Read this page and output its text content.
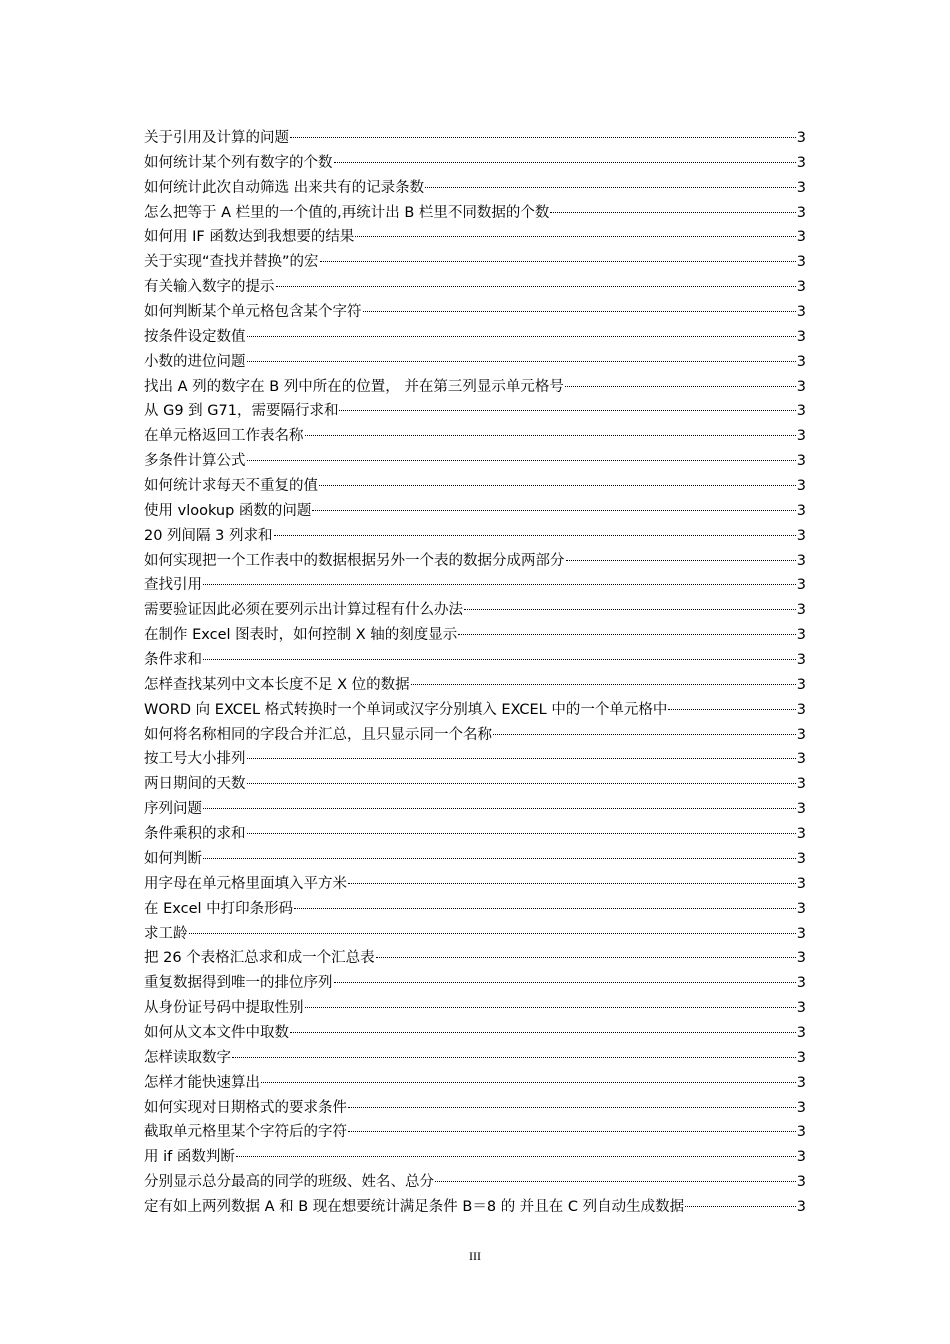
关于引用及计算的问题	3
如何统计某个列有数字的个数	3
如何统计此次自动筛选 出来共有的记录条数	3
怎么把等于 A 栏里的一个值的,再统计出 B 栏里不同数据的个数	3
如何用 IF 函数达到我想要的结果	3
关于实现“查找并替换”的宏	3
有关输入数字的提示	3
如何判断某个单元格包含某个字符	3
按条件设定数值	3
小数的进位问题	3
找出 A 列的数字在 B 列中所在的位置， 并在第三列显示单元格号	3
从 G9 到 G71，需要隔行求和	3
在单元格返回工作表名称	3
多条件计算公式	3
如何统计求每天不重复的值	3
使用 vlookup 函数的问题	3
20 列间隔 3 列求和	3
如何实现把一个工作表中的数据根据另外一个表的数据分成两部分	3
查找引用	3
需要验证因此必须在要列示出计算过程有什么办法	3
在制作 Excel 图表时，如何控制 X 轴的刻度显示	3
条件求和	3
怎样查找某列中文本长度不足 X 位的数据	3
WORD 向 EXCEL 格式转换时一个单词或汉字分别填入 EXCEL 中的一个单元格中	3
如何将名称相同的字段合并汇总，且只显示同一个名称	3
按工号大小排列	3
两日期间的天数	3
序列问题	3
条件乘积的求和	3
如何判断	3
用字母在单元格里面填入平方米	3
在 Excel 中打印条形码	3
求工龄	3
把 26 个表格汇总求和成一个汇总表	3
重复数据得到唯一的排位序列	3
从身份证号码中提取性别	3
如何从文本文件中取数	3
怎样读取数字	3
怎样才能快速算出	3
如何实现对日期格式的要求条件	3
截取单元格里某个字符后的字符	3
用 if 函数判断	3
分别显示总分最高的同学的班级、姓名、总分	3
定有如上两列数据 A 和 B 现在想要统计满足条件 B＝8 的 并且在 C 列自动生成数据	3
III
